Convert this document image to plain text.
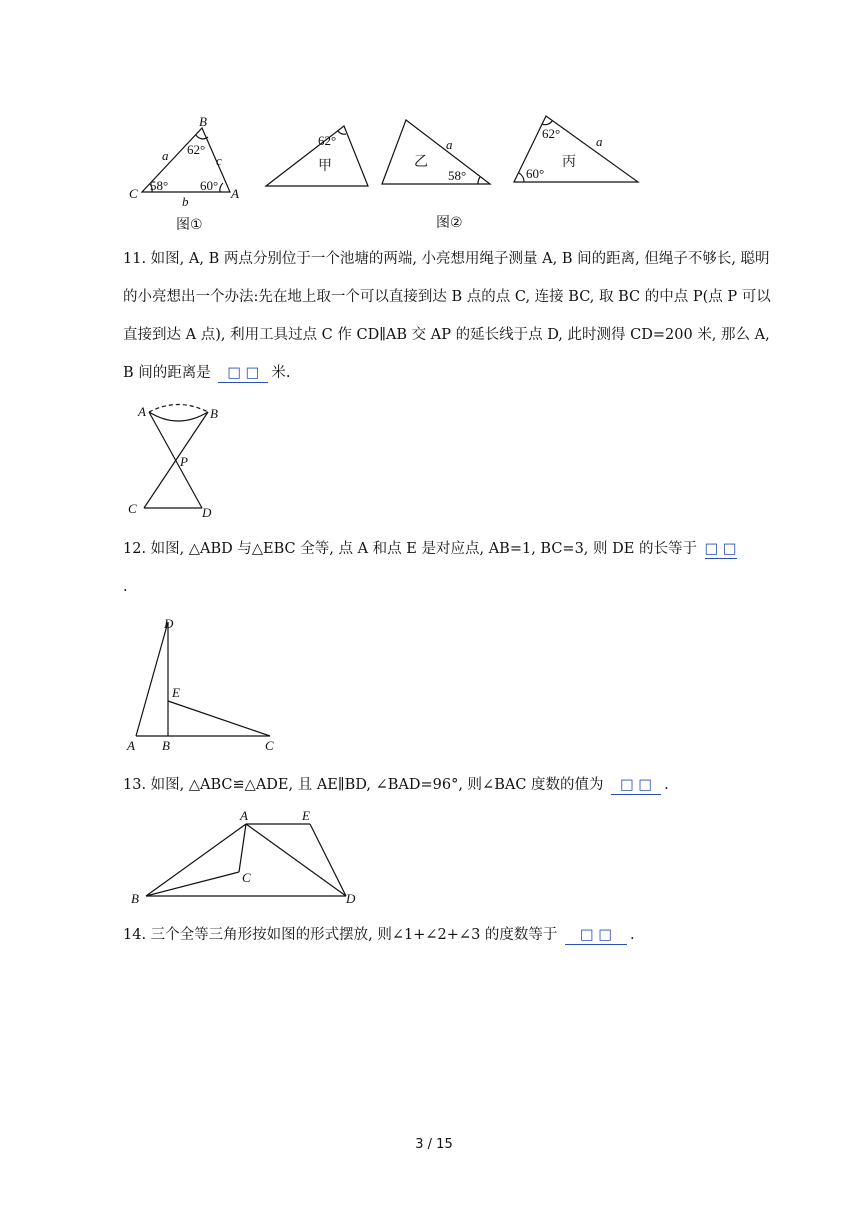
B
C	A
a	c
b
62°
58° 60°
图①
62°
甲
a
乙
58°
图②
62°
60°
a
丙
11. 如图, A, B 两点分别位于一个池塘的两端, 小亮想用绳子测量 A, B 间的距离, 但绳子不够长, 聪明的小亮想出一个办法:先在地上取一个可以直接到达 B 点的点 C, 连接 BC, 取 BC 的中点 P(点 P 可以直接到达 A 点), 利用工具过点 C 作 CD∥AB 交 AP 的延长线于点 D, 此时测得 CD=200 米, 那么 A, B 间的距离是 □ □ 米.
A	B
P
C	D
12. 如图, △ABD 与△EBC 全等, 点 A 和点 E 是对应点, AB=1, BC=3, 则 DE 的长等于 □ □
.
D
E
A B	C
13. 如图, △ABC≌△ADE, 且 AE∥BD, ∠BAD=96°, 则∠BAC 度数的值为 □ □ .
A	E
B
C
D
14. 三个全等三角形按如图的形式摆放, 则∠1+∠2+∠3 的度数等于 □ □ .
3 / 15
